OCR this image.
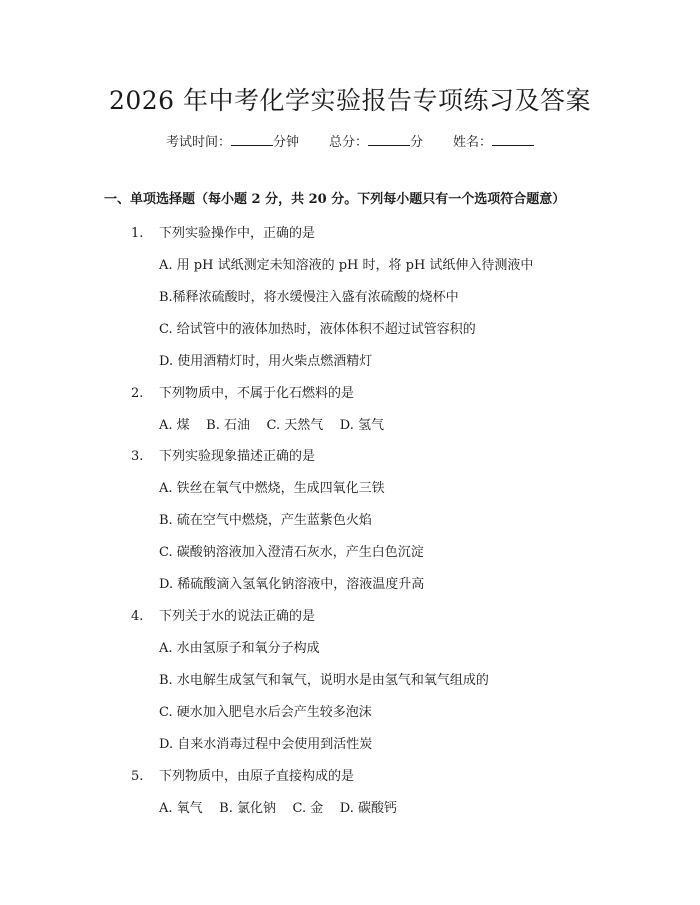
2026 年中考化学实验报告专项练习及答案
考试时间：	分钟 总分：	分 姓名：
一、单项选择题（每小题 2 分，共 20 分。下列每小题只有一个选项符合题意）
1. 下列实验操作中，正确的是
A. 用 pH 试纸测定未知溶液的 pH 时，将 pH 试纸伸入待测液中
B.稀释浓硫酸时，将水缓慢注入盛有浓硫酸的烧杯中
C. 给试管中的液体加热时，液体体积不超过试管容积的
D. 使用酒精灯时，用火柴点燃酒精灯
2. 下列物质中，不属于化石燃料的是
A. 煤    B. 石油    C. 天然气    D. 氢气
3. 下列实验现象描述正确的是
A. 铁丝在氧气中燃烧，生成四氧化三铁
B. 硫在空气中燃烧，产生蓝紫色火焰
C. 碳酸钠溶液加入澄清石灰水，产生白色沉淀
D. 稀硫酸滴入氢氧化钠溶液中，溶液温度升高
4. 下列关于水的说法正确的是
A. 水由氢原子和氧分子构成
B. 水电解生成氢气和氧气，说明水是由氢气和氧气组成的
C. 硬水加入肥皂水后会产生较多泡沫
D. 自来水消毒过程中会使用到活性炭
5. 下列物质中，由原子直接构成的是
A. 氧气    B. 氯化钠    C. 金    D. 碳酸钙
